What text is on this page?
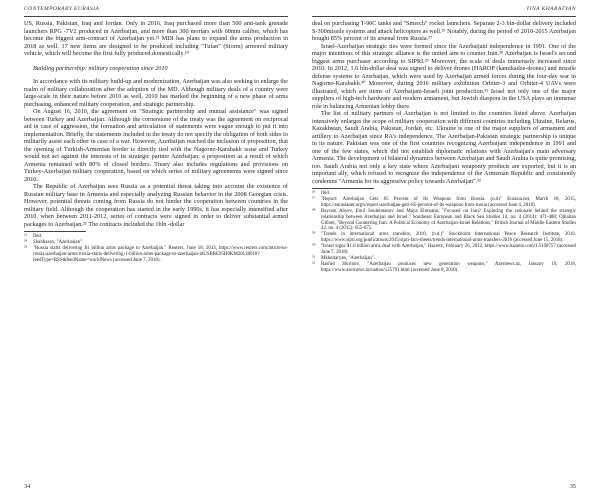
CONTEMPORARY EURASIA	TINA KHARATYAN

US, Russia, Pakistan, Iraq and Jordan. Only in 2016, Iraq purchased more than 500 anti-tank grenade launchers RPG -7V2 produced in Azerbaijan, and more than 300 mortars with 60mm caliber, which has become the biggest arm-contract of Azerbaijan yet.²³ MDI has plans to expand the arms production in 2018 as well. 17 new items are designed to be produced including "Tufan" (Storm) armored military vehicle, which will become the first fully produced domestically.²⁴

Building partnership: military cooperation since 2010

In accordance with its military build-up and modernization, Azerbaijan was also seeking to enlarge the realm of military collaboration after the adoption of the MD. Although military deals of a country were large-scale in their nature before 2010 as well, 2010 has marked the beginning of a new phase of arms purchasing, enhanced military cooperation, and strategic partnership.

On August 16, 2010, the agreement on "Strategic partnership and mutual assistance" was signed between Turkey and Azerbaijan. Although the cornerstone of the treaty was the agreement on reciprocal aid in case of aggression, the formation and articulation of statements were vague enough to put it into implementation. Briefly, the statements included in the treaty do not specify the obligation of both sides to militarily assist each other in case of a war. However, Azerbaijan reached the inclusion of proposition, that the opening of Turkish-Armenian border is directly tied with the Nagorno-Karabakh issue and Turkey would not act against the interests of its strategic partner Azerbaijan; a proposition as a result of which Armenia remained with 80% of closed borders. Treaty also includes regulations and provisions on Turkey-Azerbaijan military cooperation, based on which series of military agreements were signed since 2010.

The Republic of Azerbaijan sees Russia as a potential threat taking into account the existence of Russian military base in Armenia and especially analyzing Russian behavior in the 2008 Georgian crisis. However, potential threats coming from Russia do not hinder the cooperation between countries in the military field. Although the cooperation has started in the early 1990s, it has especially intensified after 2010, when between 2011-2012, series of contracts were signed in order to deliver substantial armed packages to Azerbaijan.²⁵ The contracts included the 1bln -dollar

²³ Ibid.

²⁴ Shahbazov, "Azerbaijan".

²⁵ "Russia starts delivering $1 billion arms package to Azerbaijan." Reuters, June 18, 2013, https://www.reuters.com/article/us-russia-azerbaijan-arms/russia-starts-delivering-1-billion-arms-package-to-azerbaijan-idUSBRE95H0KM20130618?feedType=RSS&feedName=worldNews (accessed June 7, 2018).

deal on purchasing T-90C tanks and "Smerch" rocket launchers. Separate 2-3 bln-dollar delivery included S-300missile systems and attack helicopters as well.²⁶ Notably, during the period of 2010-2015 Azerbaijan bought 85% percent of its arsenal from Russia.²⁷

Israel-Azerbaijan strategic ties were formed since the Azerbaijani independence in 1991. One of the major intentions of this strategic alliance is the united aim to counter Iran.²⁸ Azerbaijan is Israel's second biggest arms purchaser according to SIPRI.²⁹ Moreover, the scale of deals immensely increased since 2010. In 2012, 1.6 bln-dollar deal was signed to deliver drones (HAROP (kamikadze-drones) and missile defense systems to Azerbaijan, which were used by Azerbaijan armed forces during the four-day war in Nagorno-Karabakh.³⁰ Moreover, during 2016 military exhibition Orbiter-3 and Orbiter-4 UAVs were illustrated, which are items of Azerbaijani-Israeli joint production.³¹ Israel not only one of the major suppliers of high-tech hardware and modern armament, but Jewish diaspora in the USA plays an immense role in balancing Armenian lobby there.

The list of military partners of Azerbaijan is not limited to the countries listed above. Azerbaijan intensively enlarges the scope of military cooperation with different countries including Ukraine, Belarus, Kazakhstan, Saudi Arabia, Pakistan, Jordan, etc. Ukraine is one of the major suppliers of armament and artillery to Azerbaijan since RA's independence. The Azerbaijan-Pakistan strategic partnership is unique in its nature. Pakistan was one of the first countries recognizing Azerbaijani independence in 1991 and one of the few states, which did not establish diplomatic relations with Azerbaijan's main adversary Armenia. The development of bilateral dynamics between Azerbaijan and Saudi Arabia is quite promising, too. Saudi Arabia not only a key state where Azerbaijani weaponry products are exported, but it is an important ally, which refused to recognize the independence of the Armenian Republic and consistently condemns "Armenia for its aggressive policy towards Azerbaijan".³²

²⁶ Ibid.

²⁷ "Report: Azerbaijan Gets 85 Percent of Its Weapons from Russia. (n.d)" Eurasia.net, March 18, 2015, https://eurasianet.org/s/report-azerbaijan-gets-85-percent-of-its-weapons-from-russia (accessed June 4, 2018).

²⁸ Bayram Abyev, Emil Souleimanov and Maya Ehrmann, "Focused on Iran? Exploring the rationale behind the strategic relationship between Azerbaijan and Israel," Southeast European and Black Sea Studies 14, no. 4 (2014): 471-488; Ojhaltan Gilloel, "Beyond Countering Iran: A Political Economy of Azerbaijan-Israel Relations," British Journal of Middle Eastern Studies 42, no. 4 (2015): 655-675.

²⁹ "Trends in international arms transfers, 2016, (n.d.)" Stockholm International Peace Research Institute, 2016. https://www.sipri.org/publications/2015/sipri-fact-sheets/trends-international-arms-transfers-2016 (accessed June 15, 2018).

³⁰ "Israel signs $1.6 billion arms deal with Azerbaijan," Haaretz, February 26, 2012, https://www.haaretz.com/1.5198757 (accessed June 7, 2018).

³¹ Mkheitaryan, "Azerbaijan".

³² Rashid Shirinov, "Azerbaijan produces new generation weapons," Azernews.az, January 19, 2018, https://www.azernews.az/nation/125791.html (accessed June 8, 2018).

34	35
